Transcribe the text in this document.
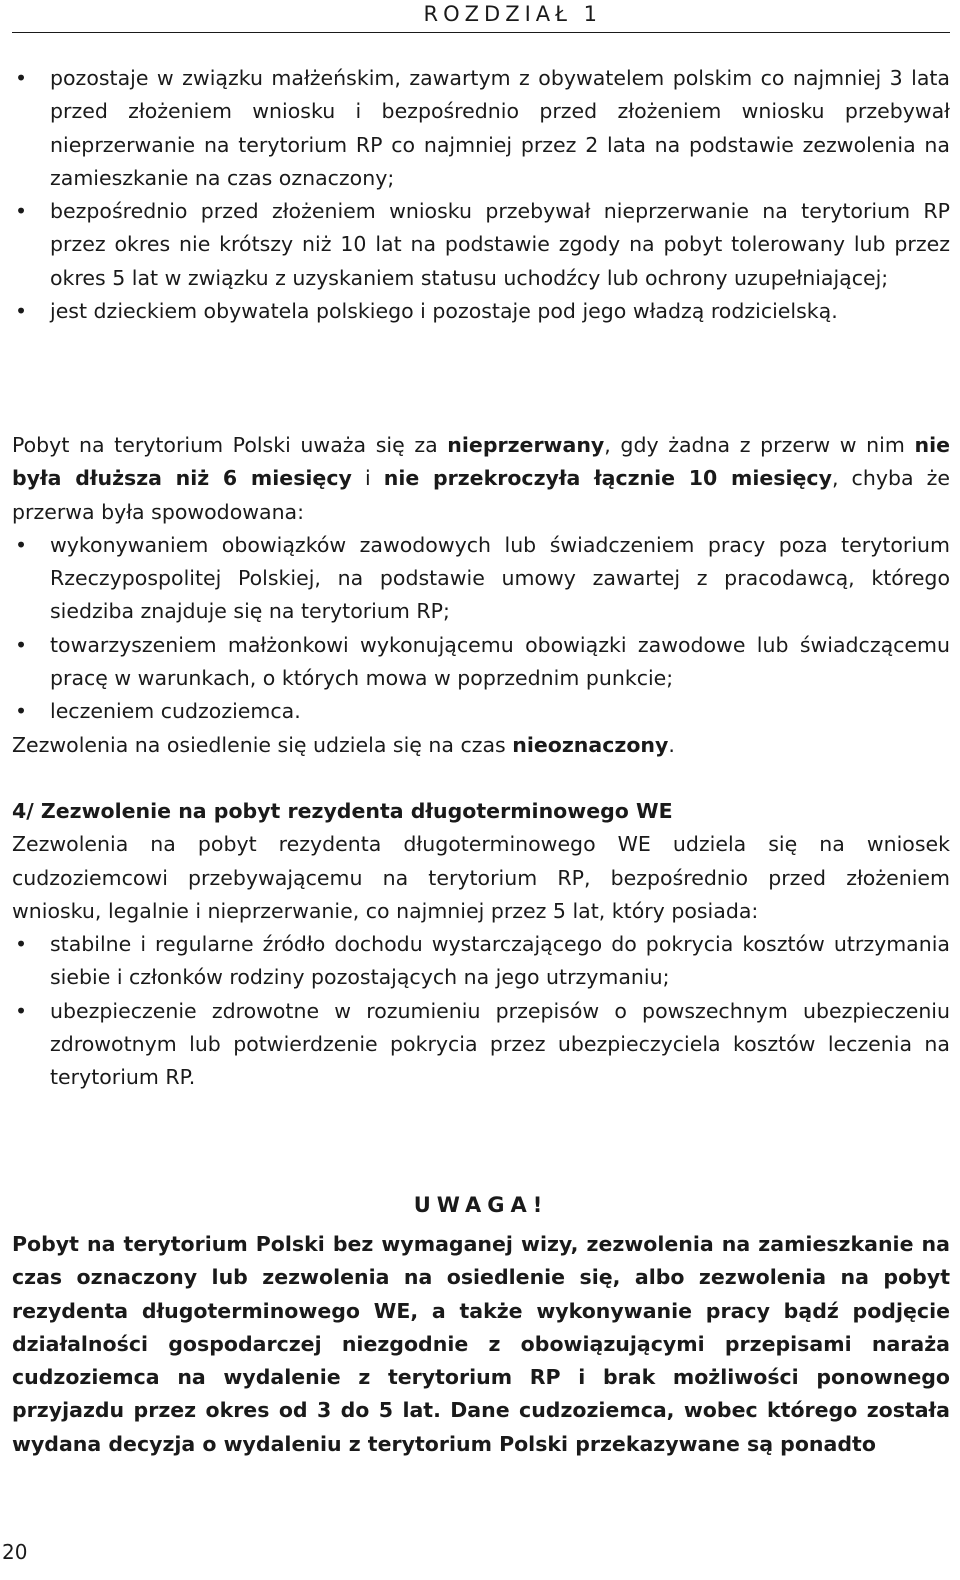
ROZDZIAŁ 1
• pozostaje w związku małżeńskim, zawartym z obywatelem polskim co najmniej 3 lata przed złożeniem wniosku i bezpośrednio przed złożeniem wniosku przebywał nieprzerwanie na terytorium RP co najmniej przez 2 lata na podstawie zezwolenia na zamieszkanie na czas oznaczony;
• bezpośrednio przed złożeniem wniosku przebywał nieprzerwanie na terytorium RP przez okres nie krótszy niż 10 lat na podstawie zgody na pobyt tolerowany lub przez okres 5 lat w związku z uzyskaniem statusu uchodźcy lub ochrony uzupełniającej;
• jest dzieckiem obywatela polskiego i pozostaje pod jego władzą rodzicielską.

Pobyt na terytorium Polski uważa się za nieprzerwany, gdy żadna z przerw w nim nie była dłuższa niż 6 miesięcy i nie przekroczyła łącznie 10 miesięcy, chyba że przerwa była spowodowana:

• wykonywaniem obowiązków zawodowych lub świadczeniem pracy poza terytorium Rzeczypospolitej Polskiej, na podstawie umowy zawartej z pracodawcą, którego siedziba znajduje się na terytorium RP;
• towarzyszeniem małżonkowi wykonującemu obowiązki zawodowe lub świadczącemu pracę w warunkach, o których mowa w poprzednim punkcie;
• leczeniem cudzoziemca.

Zezwolenia na osiedlenie się udziela się na czas nieoznaczony.

4/ Zezwolenie na pobyt rezydenta długoterminowego WE

Zezwolenia na pobyt rezydenta długoterminowego WE udziela się na wniosek cudzoziemcowi przebywającemu na terytorium RP, bezpośrednio przed złożeniem wniosku, legalnie i nieprzerwanie, co najmniej przez 5 lat, który posiada:

• stabilne i regularne źródło dochodu wystarczającego do pokrycia kosztów utrzymania siebie i członków rodziny pozostających na jego utrzymaniu;
• ubezpieczenie zdrowotne w rozumieniu przepisów o powszechnym ubezpieczeniu zdrowotnym lub potwierdzenie pokrycia przez ubezpieczyciela kosztów leczenia na terytorium RP.
UWAGA!

Pobyt na terytorium Polski bez wymaganej wizy, zezwolenia na zamieszkanie na czas oznaczony lub zezwolenia na osiedlenie się, albo zezwolenia na pobyt rezydenta długoterminowego WE, a także wykonywanie pracy bądź podjęcie działalności gospodarczej niezgodnie z obowiązującymi przepisami naraża cudzoziemca na wydalenie z terytorium RP i brak możliwości ponownego przyjazdu przez okres od 3 do 5 lat. Dane cudzoziemca, wobec którego została wydana decyzja o wydaleniu z terytorium Polski przekazywane są ponadto

20
